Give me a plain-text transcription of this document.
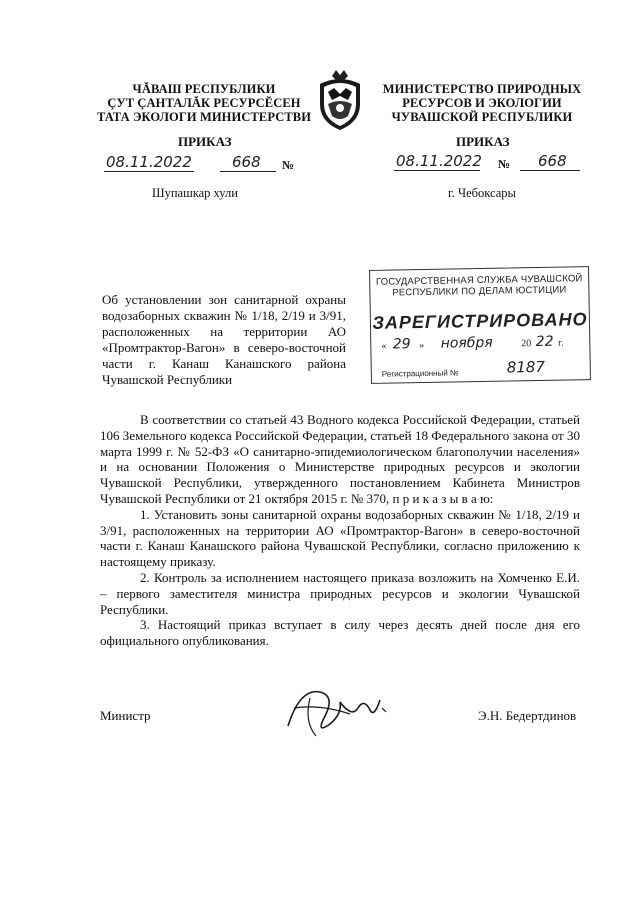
ЧĂВАШ РЕСПУБЛИКИ
ÇУТ ÇАНТАЛĂК РЕСУРСĔСЕН
ТАТА ЭКОЛОГИ МИНИСТЕРСТВИ
МИНИСТЕРСТВО ПРИРОДНЫХ
РЕСУРСОВ И ЭКОЛОГИИ
ЧУВАШСКОЙ РЕСПУБЛИКИ
ПРИКАЗ	ПРИКАЗ
08.11.2022	668 №	08.11.2022 № 668
Шупашкар хули	г. Чебоксары
ГОСУДАРСТВЕННАЯ СЛУЖБА ЧУВАШСКОЙ
РЕСПУБЛИКИ ПО ДЕЛАМ ЮСТИЦИИ
ЗАРЕГИСТРИРОВАНО
« 29 » ноября	20 22 г.
Регистрационный №	8187
Об установлении зон санитарной охраны водозаборных скважин № 1/18, 2/19 и 3/91, расположенных на территории АО «Промтрактор-Вагон» в северо-восточной части г. Канаш Канашского района Чувашской Республики

В соответствии со статьей 43 Водного кодекса Российской Федерации, статьей 106 Земельного кодекса Российской Федерации, статьей 18 Федерального закона от 30 марта 1999 г. № 52-ФЗ «О санитарно-эпидемиологическом благополучии населения» и на основании Положения о Министерстве природных ресурсов и экологии Чувашской Республики, утвержденного постановлением Кабинета Министров Чувашской Республики от 21 октября 2015 г. № 370, п р и к а з ы в а ю:

1. Установить зоны санитарной охраны водозаборных скважин № 1/18, 2/19 и 3/91, расположенных на территории АО «Промтрактор-Вагон» в северо-восточной части г. Канаш Канашского района Чувашской Республики, согласно приложению к настоящему приказу.

2. Контроль за исполнением настоящего приказа возложить на Хомченко Е.И. – первого заместителя министра природных ресурсов и экологии Чувашской Республики.

3. Настоящий приказ вступает в силу через десять дней после дня его официального опубликования.

Министр	Э.Н. Бедертдинов
